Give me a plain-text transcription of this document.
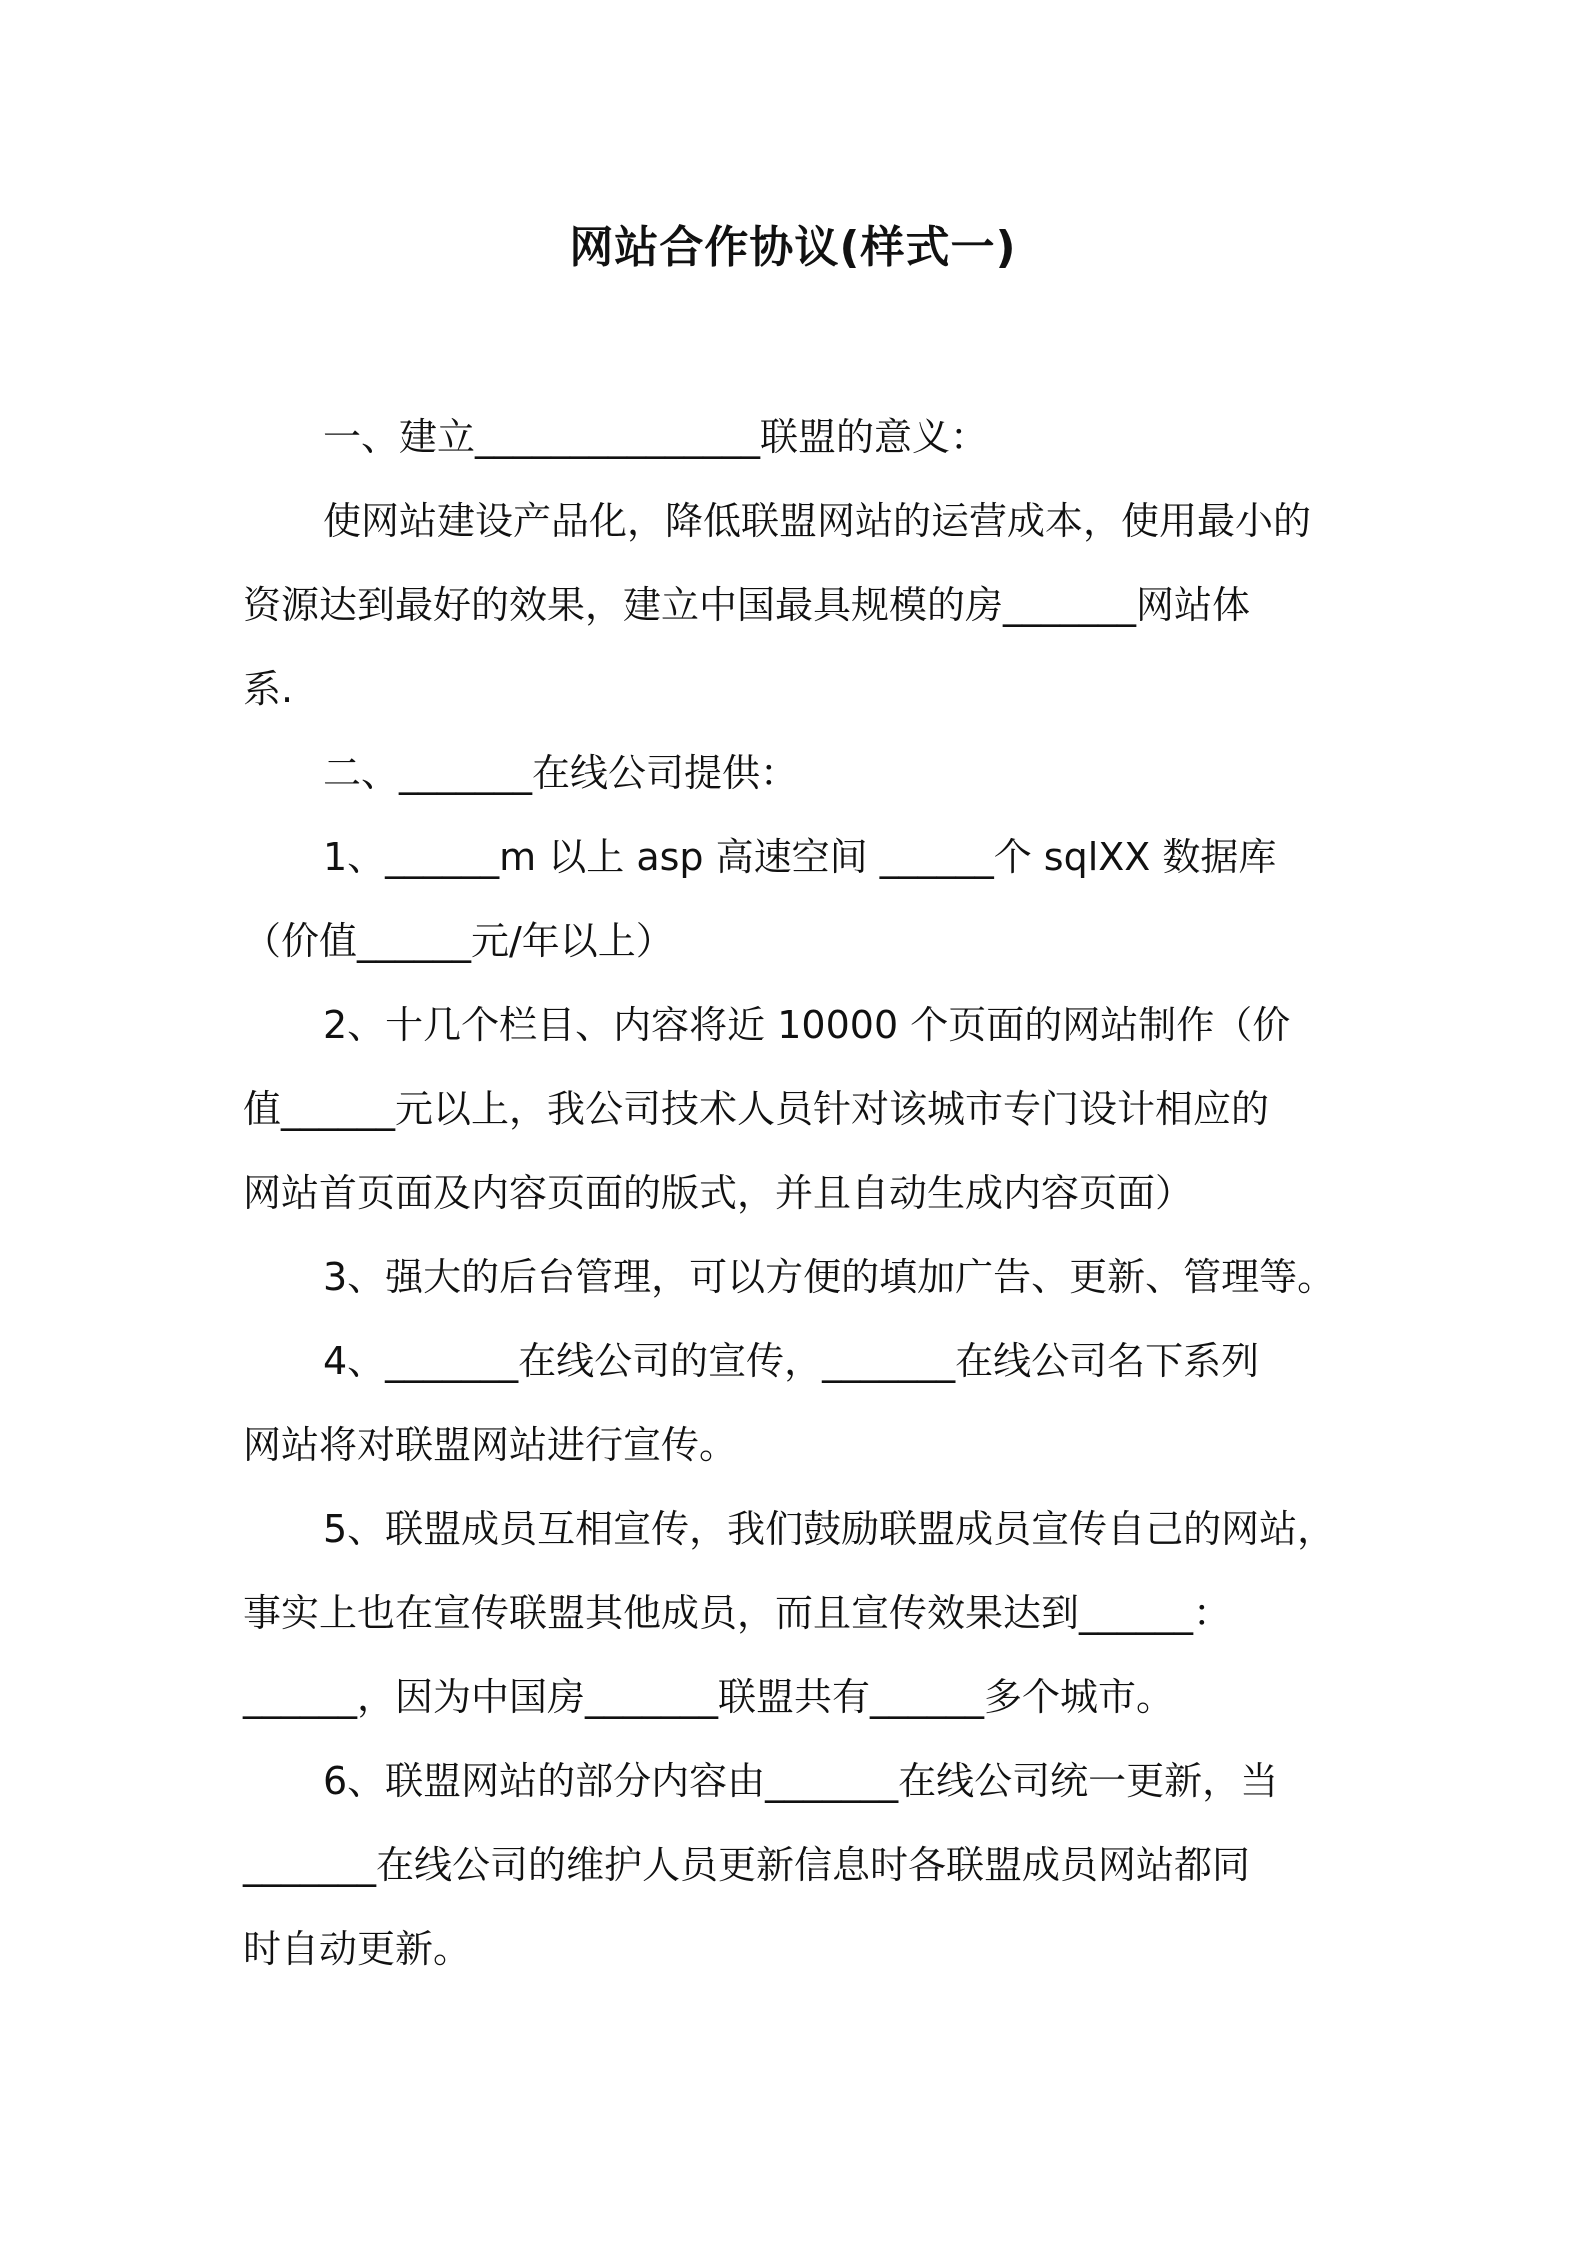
网站合作协议(样式一)
一、建立_______________联盟的意义：
使网站建设产品化，降低联盟网站的运营成本，使用最小的
资源达到最好的效果，建立中国最具规模的房_______网站体
系.
二、_______在线公司提供：
1、______m 以上 asp 高速空间 ______个 sqlXX 数据库
（价值______元/年以上）
2、十几个栏目、内容将近 10000 个页面的网站制作（价
值______元以上，我公司技术人员针对该城市专门设计相应的
网站首页面及内容页面的版式，并且自动生成内容页面）
3、强大的后台管理，可以方便的填加广告、更新、管理等。
4、_______在线公司的宣传，_______在线公司名下系列
网站将对联盟网站进行宣传。
5、联盟成员互相宣传，我们鼓励联盟成员宣传自己的网站，
事实上也在宣传联盟其他成员，而且宣传效果达到______：
______，因为中国房_______联盟共有______多个城市。
6、联盟网站的部分内容由_______在线公司统一更新，当
_______在线公司的维护人员更新信息时各联盟成员网站都同
时自动更新。
